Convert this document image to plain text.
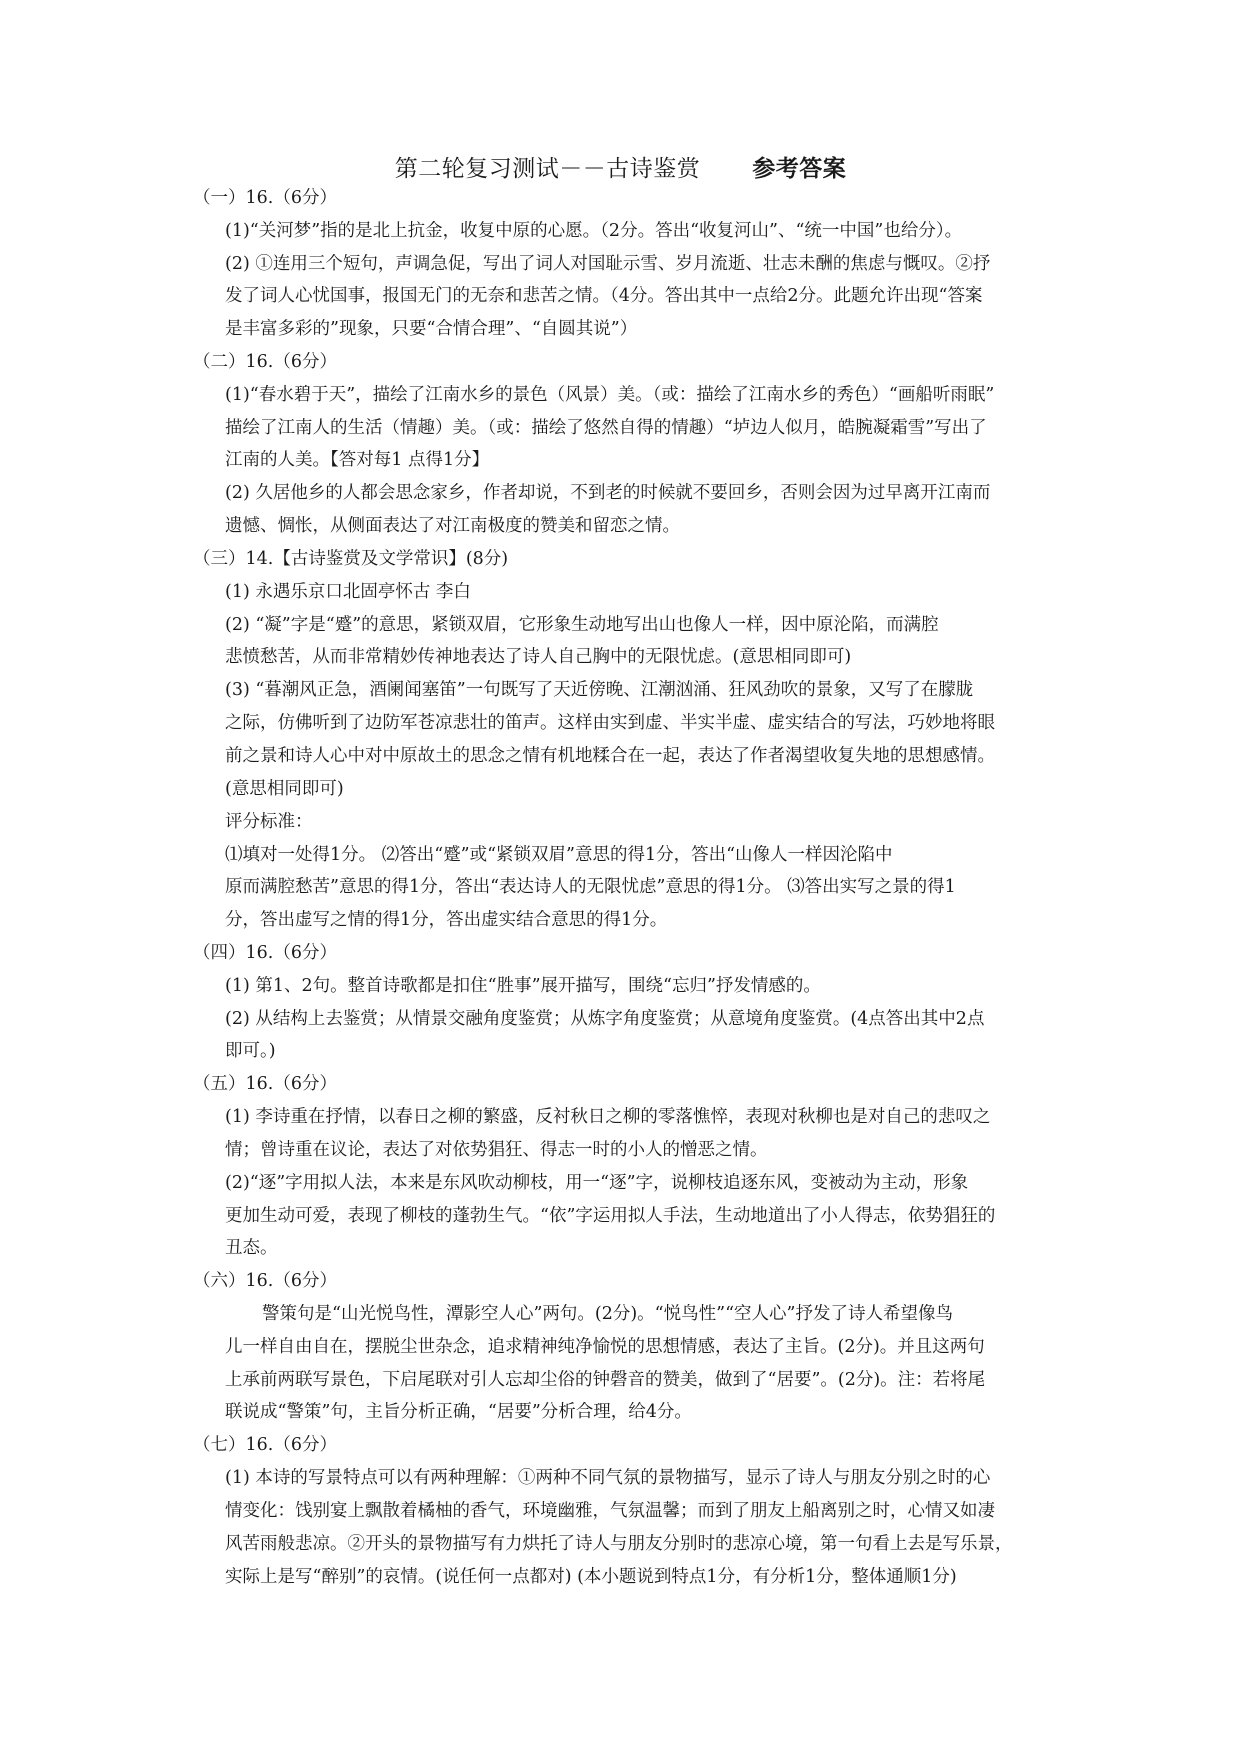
第二轮复习测试－－古诗鉴赏 参考答案
（一）16.（6分）
(1)“关河梦”指的是北上抗金，收复中原的心愿。（2分。答出“收复河山”、“统一中国”也给分）。
(2) ①连用三个短句，声调急促，写出了词人对国耻示雪、岁月流逝、壮志未酬的焦虑与慨叹。②抒
发了词人心忧国事，报国无门的无奈和悲苦之情。（4分。答出其中一点给2分。此题允许出现“答案
是丰富多彩的”现象，只要“合情合理”、“自圆其说”）
（二）16.（6分）
(1)“春水碧于天”，描绘了江南水乡的景色（风景）美。（或：描绘了江南水乡的秀色）“画船听雨眠”
描绘了江南人的生活（情趣）美。（或：描绘了悠然自得的情趣）“垆边人似月，皓腕凝霜雪”写出了
江南的人美。【答对每1 点得1分】
(2) 久居他乡的人都会思念家乡，作者却说，不到老的时候就不要回乡，否则会因为过早离开江南而
遗憾、惆怅，从侧面表达了对江南极度的赞美和留恋之情。
（三）14.【古诗鉴赏及文学常识】(8分)
(1) 永遇乐京口北固亭怀古 李白
(2) “凝”字是“蹙”的意思，紧锁双眉，它形象生动地写出山也像人一样，因中原沦陷，而满腔
悲愤愁苦，从而非常精妙传神地表达了诗人自己胸中的无限忧虑。(意思相同即可)
(3) “暮潮风正急，酒阑闻塞笛”一句既写了天近傍晚、江潮汹涌、狂风劲吹的景象，又写了在朦胧
之际，仿佛听到了边防军苍凉悲壮的笛声。这样由实到虚、半实半虚、虚实结合的写法，巧妙地将眼
前之景和诗人心中对中原故土的思念之情有机地糅合在一起，表达了作者渴望收复失地的思想感情。
(意思相同即可)
评分标准：
⑴填对一处得1分。 ⑵答出“蹙”或“紧锁双眉”意思的得1分，答出“山像人一样因沦陷中
原而满腔愁苦”意思的得1分，答出“表达诗人的无限忧虑”意思的得1分。 ⑶答出实写之景的得1
分，答出虚写之情的得1分，答出虚实结合意思的得1分。
（四）16.（6分）
(1) 第1、2句。整首诗歌都是扣住“胜事”展开描写，围绕“忘归”抒发情感的。
(2) 从结构上去鉴赏；从情景交融角度鉴赏；从炼字角度鉴赏；从意境角度鉴赏。(4点答出其中2点
即可。)
（五）16.（6分）
(1) 李诗重在抒情，以春日之柳的繁盛，反衬秋日之柳的零落憔悴，表现对秋柳也是对自己的悲叹之
情；曾诗重在议论，表达了对依势猖狂、得志一时的小人的憎恶之情。
(2)“逐”字用拟人法，本来是东风吹动柳枝，用一“逐”字，说柳枝追逐东风，变被动为主动，形象
更加生动可爱，表现了柳枝的蓬勃生气。“依”字运用拟人手法，生动地道出了小人得志，依势猖狂的
丑态。
（六）16.（6分）
警策句是“山光悦鸟性，潭影空人心”两句。(2分)。“悦鸟性”“空人心”抒发了诗人希望像鸟
儿一样自由自在，摆脱尘世杂念，追求精神纯净愉悦的思想情感，表达了主旨。(2分)。并且这两句
上承前两联写景色，下启尾联对引人忘却尘俗的钟磬音的赞美，做到了“居要”。(2分)。注：若将尾
联说成“警策”句，主旨分析正确，“居要”分析合理，给4分。
（七）16.（6分）
(1) 本诗的写景特点可以有两种理解：①两种不同气氛的景物描写，显示了诗人与朋友分别之时的心
情变化：饯别宴上飘散着橘柚的香气，环境幽雅，气氛温馨；而到了朋友上船离别之时，心情又如凄
风苦雨般悲凉。②开头的景物描写有力烘托了诗人与朋友分别时的悲凉心境，第一句看上去是写乐景，
实际上是写“醉别”的哀情。(说任何一点都对) (本小题说到特点1分，有分析1分，整体通顺1分)
